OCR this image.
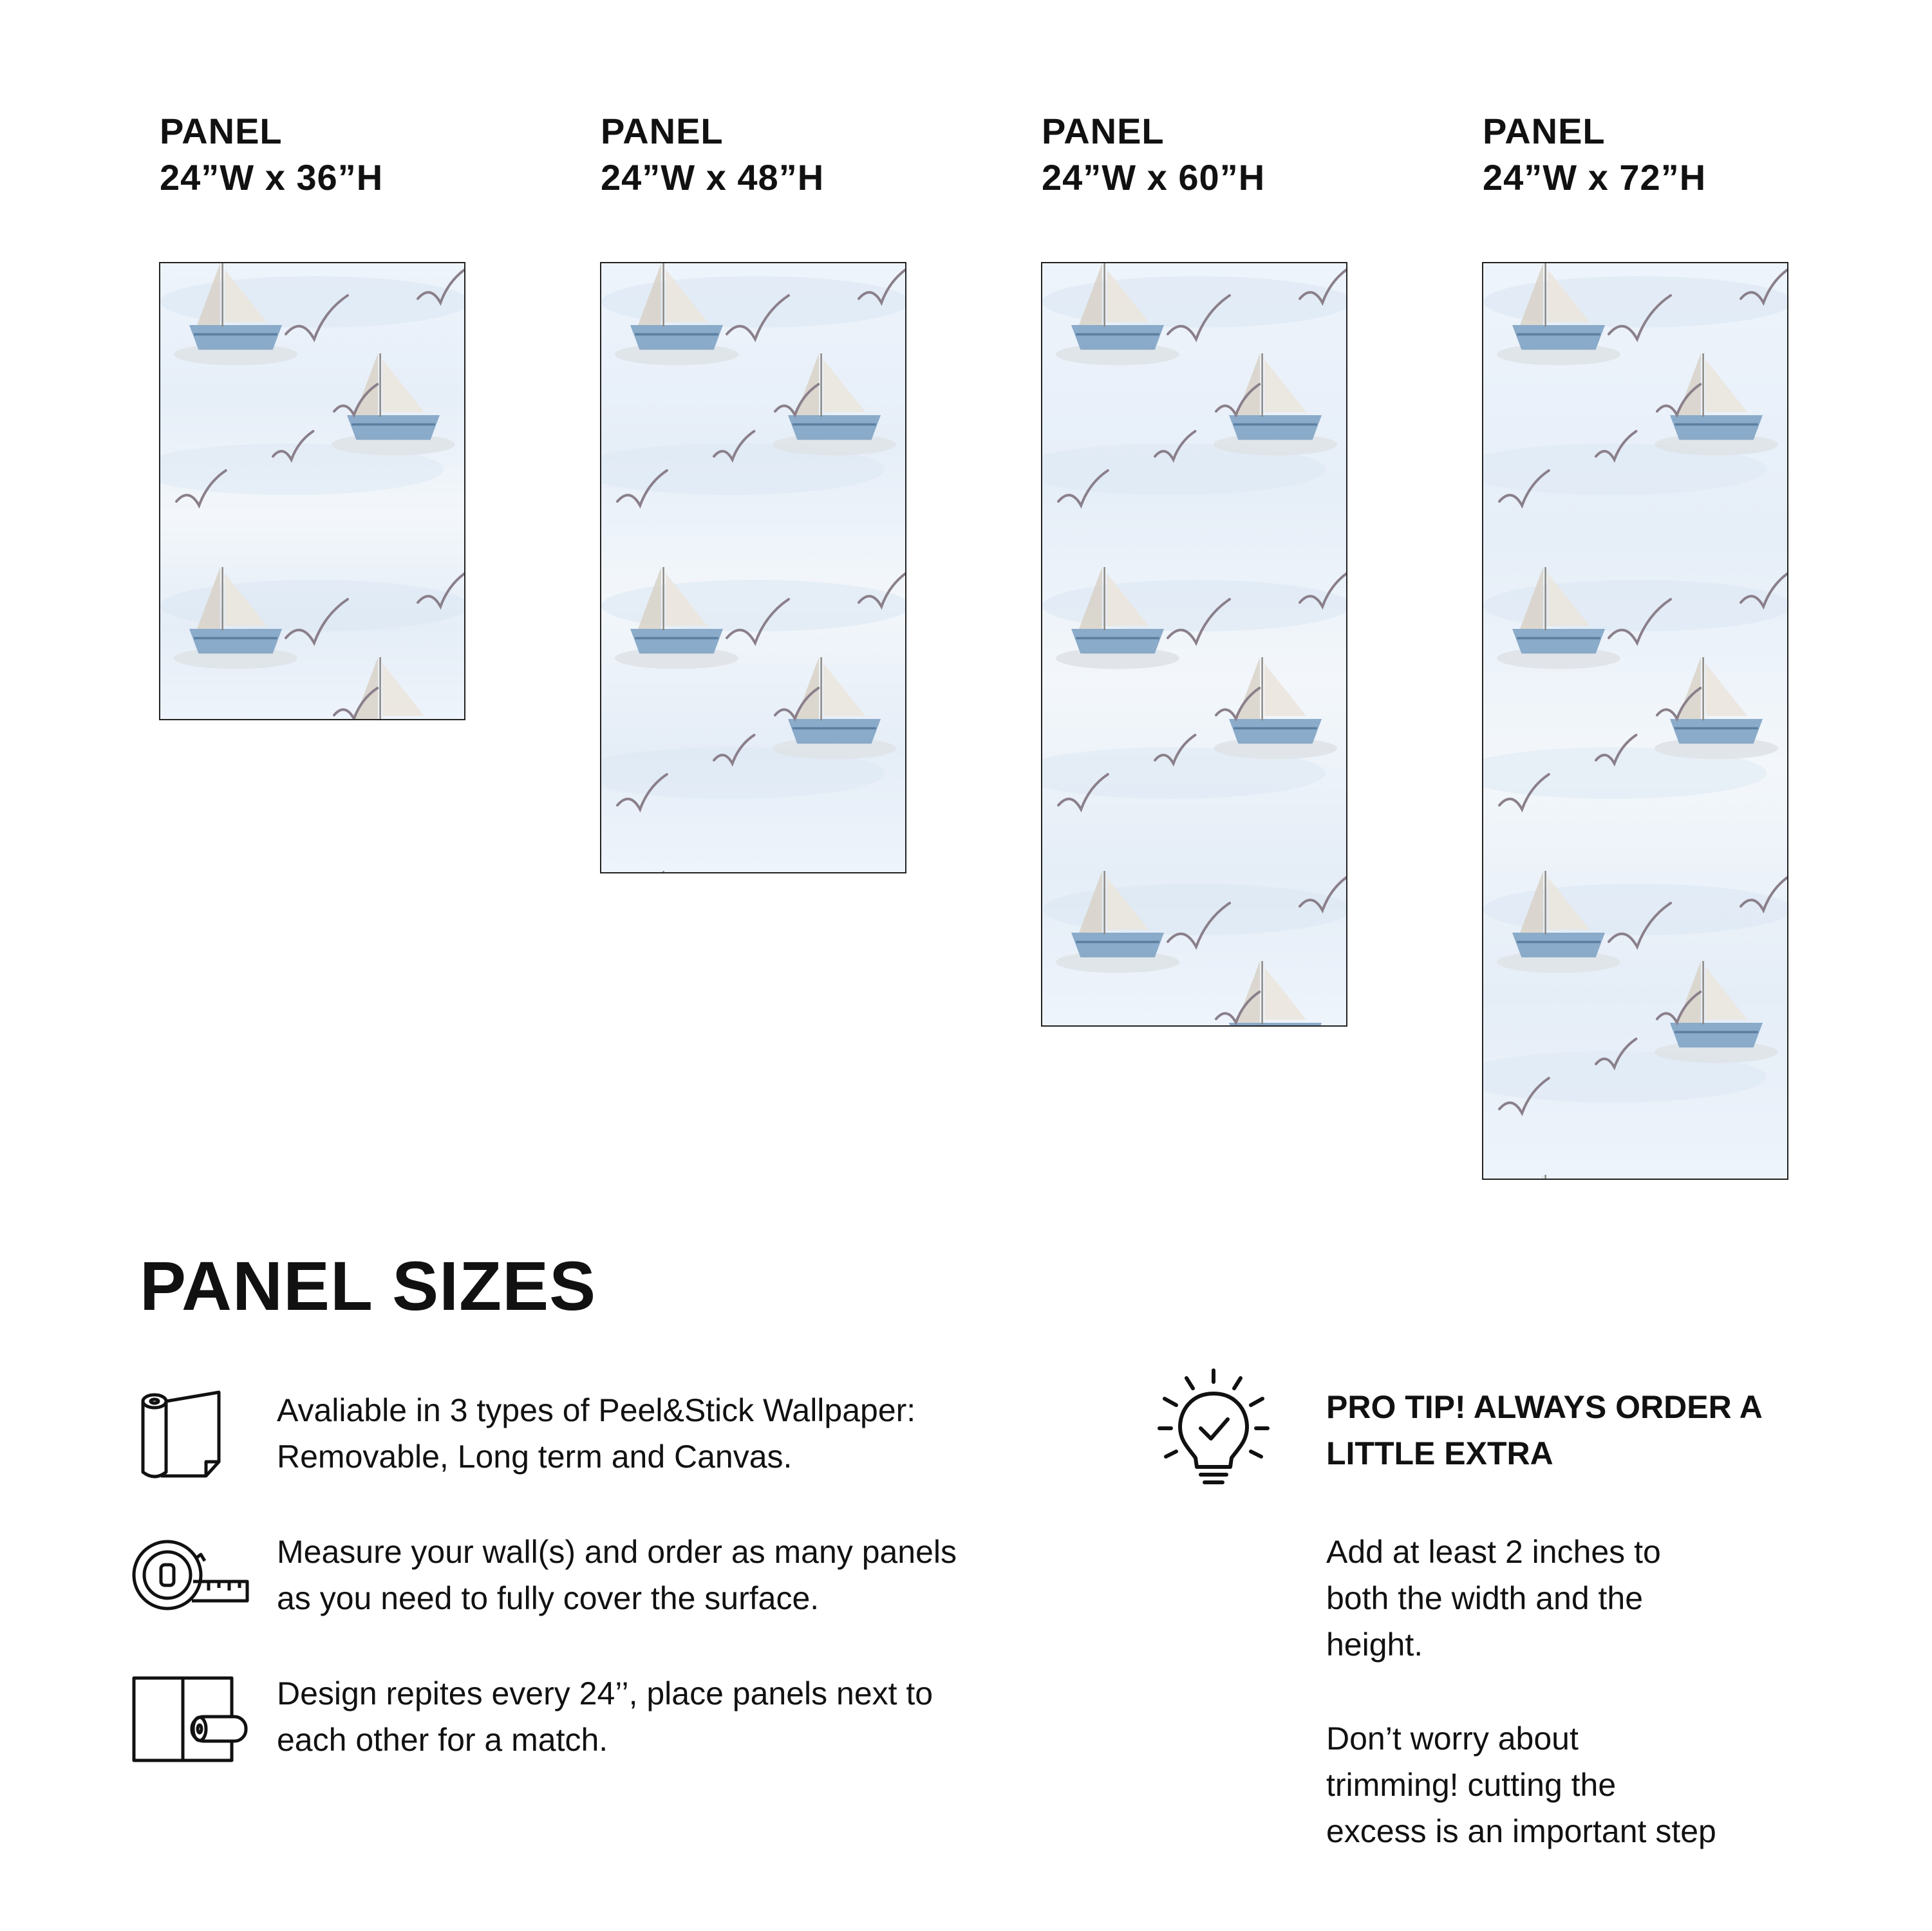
PANEL
24”W x 36”H
PANEL
24”W x 48”H
PANEL
24”W x 60”H
PANEL
24”W x 72”H
PANEL SIZES
Avaliable in 3 types of Peel&Stick Wallpaper:
Removable, Long term and Canvas.
Measure your wall(s) and order as many panels
as you need to fully cover the surface.
Design repites every 24’’, place panels next to
each other for a match.
PRO TIP! ALWAYS ORDER A
LITTLE EXTRA
Add at least 2 inches to
both the width and the
height.
Don’t worry about
trimming! cutting the
excess is an important step
